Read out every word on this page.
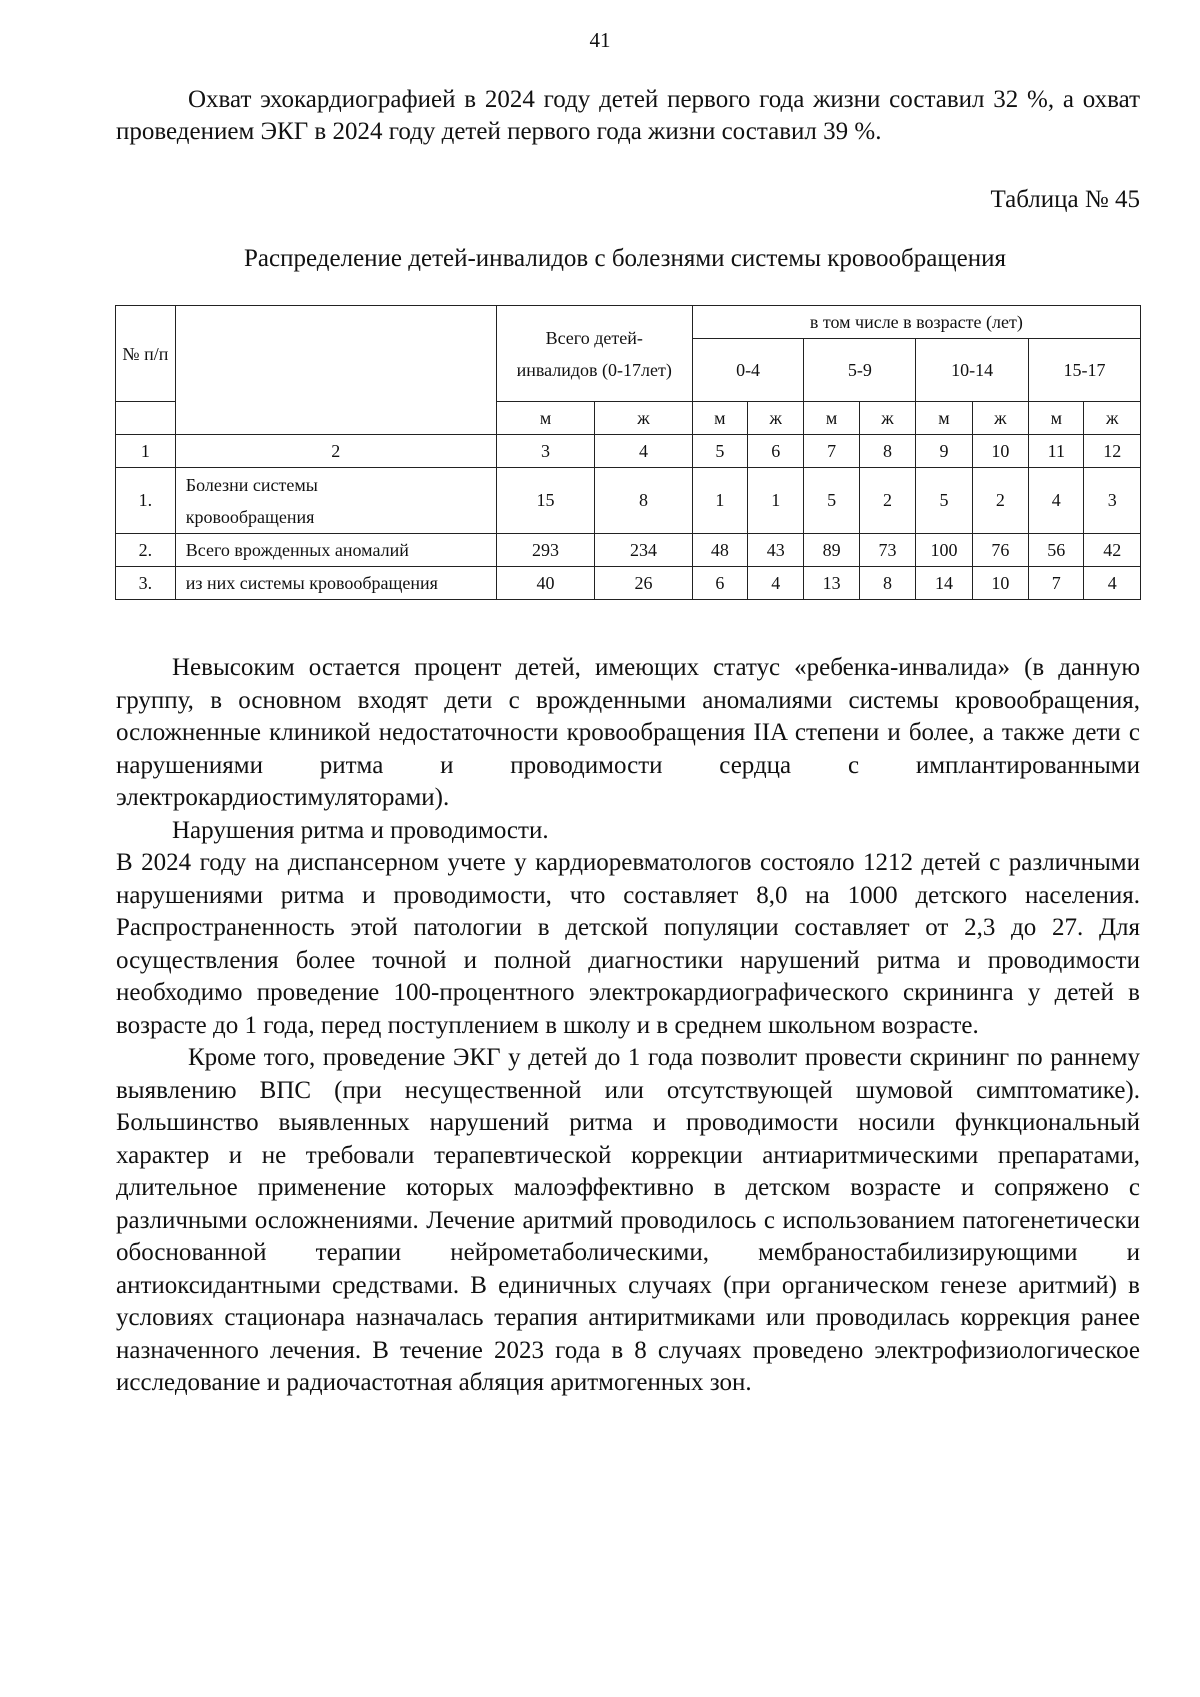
41

Охват эхокардиографией в 2024 году детей первого года жизни составил 32 %, а охват проведением ЭКГ в 2024 году детей первого года жизни составил 39 %.

Таблица № 45
Распределение детей-инвалидов с болезнями системы кровообращения
№ п/п		Всего детей-инвалидов (0-17лет)		в том числе в возрасте (лет)							
				0-4		5-9		10-14		15-17	
		м	ж	м	ж	м	ж	м	ж	м	ж
1	2	3	4	5	6	7	8	9	10	11	12
1.	Болезни системы кровообращения	15	8	1	1	5	2	5	2	4	3
2.	Всего врожденных аномалий	293	234	48	43	89	73	100	76	56	42
3.	из них системы кровообращения	40	26	6	4	13	8	14	10	7	4

Невысоким остается процент детей, имеющих статус «ребенка-инвалида» (в данную группу, в основном входят дети с врожденными аномалиями системы кровообращения, осложненные клиникой недостаточности кровообращения IIA степени и более, а также дети с нарушениями ритма и проводимости сердца с имплантированными электрокардиостимуляторами).

Нарушения ритма и проводимости.

В 2024 году на диспансерном учете у кардиоревматологов состояло 1212 детей с различными нарушениями ритма и проводимости, что составляет 8,0 на 1000 детского населения. Распространенность этой патологии в детской популяции составляет от 2,3 до 27. Для осуществления более точной и полной диагностики нарушений ритма и проводимости необходимо проведение 100-процентного электрокардиографического скрининга у детей в возрасте до 1 года, перед поступлением в школу и в среднем школьном возрасте.

Кроме того, проведение ЭКГ у детей до 1 года позволит провести скрининг по раннему выявлению ВПС (при несущественной или отсутствующей шумовой симптоматике). Большинство выявленных нарушений ритма и проводимости носили функциональный характер и не требовали терапевтической коррекции антиаритмическими препаратами, длительное применение которых малоэффективно в детском возрасте и сопряжено с различными осложнениями. Лечение аритмий проводилось с использованием патогенетически обоснованной терапии нейрометаболическими, мембраностабилизирующими и антиоксидантными средствами. В единичных случаях (при органическом генезе аритмий) в условиях стационара назначалась терапия антиритмиками или проводилась коррекция ранее назначенного лечения. В течение 2023 года в 8 случаях проведено электрофизиологическое исследование и радиочастотная абляция аритмогенных зон.
